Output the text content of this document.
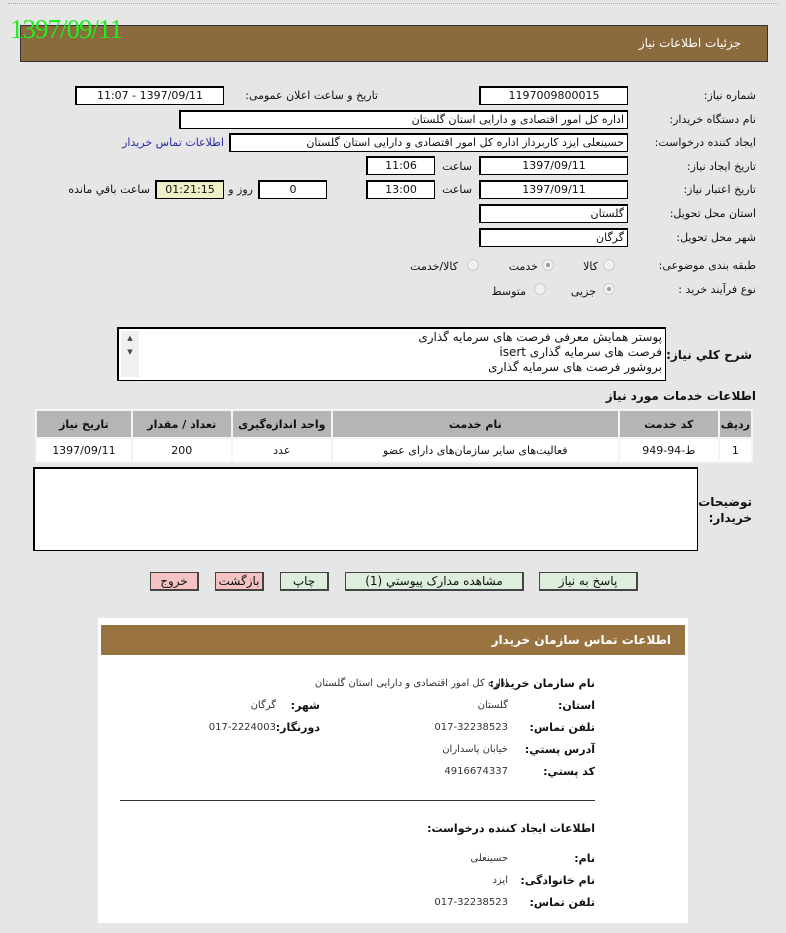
جزئيات اطلاعات نياز
1397/09/11
شماره نیاز:
1197009800015
تاریخ و ساعت اعلان عمومی:
1397/09/11 - 11:07
نام دستگاه خریدار:
اداره کل امور اقتصادی و دارایی استان گلستان
ایجاد کننده درخواست:
حسینعلی ایزد کاربرداز اداره کل امور اقتصادی و دارایی استان گلستان
اطلاعات تماس خریدار
تاریخ ایجاد نیاز:
1397/09/11
ساعت
11:06
تاریخ اعتبار نیاز:
1397/09/11
ساعت
13:00
0
روز و
01:21:15
ساعت باقي مانده
استان محل تحویل:
گلستان
شهر محل تحویل:
گرگان
طبقه بندی موضوعی:
کالا
خدمت
کالا/خدمت
نوع فرآیند خرید :
جزیی
متوسط
شرح کلي نياز:
▲
▼
پوستر همایش معرفی فرصت های سرمایه گذاری
فرصت های سرمایه گذاری isert
بروشور فرصت های سرمایه گذاری
اطلاعات خدمات مورد نیاز
ردیف	کد خدمت	نام خدمت	واحد اندازه‌گیری	تعداد / مقدار	تاریخ نیاز
1	ط-94-949	فعالیت‌های سایر سازمان‌های دارای عضو	عدد	200	1397/09/11
توضیحات
خریدار:
پاسخ به نیاز
مشاهده مدارک پیوستي (1)
چاپ
بازگشت
خروج
اطلاعات تماس سازمان خریدار
نام سازمان خریدار:
اداره کل امور اقتصادی و دارایی استان گلستان
استان:
گلستان
شهر:
گرگان
تلفن تماس:
017-32238523
دورنگار:
017-2224003
آدرس پستي:
خیابان پاسداران
کد پستي:
4916674337
اطلاعات ایجاد کننده درخواست:
نام:
حسینعلی
نام خانوادگی:
ایزد
تلفن تماس:
017-32238523
